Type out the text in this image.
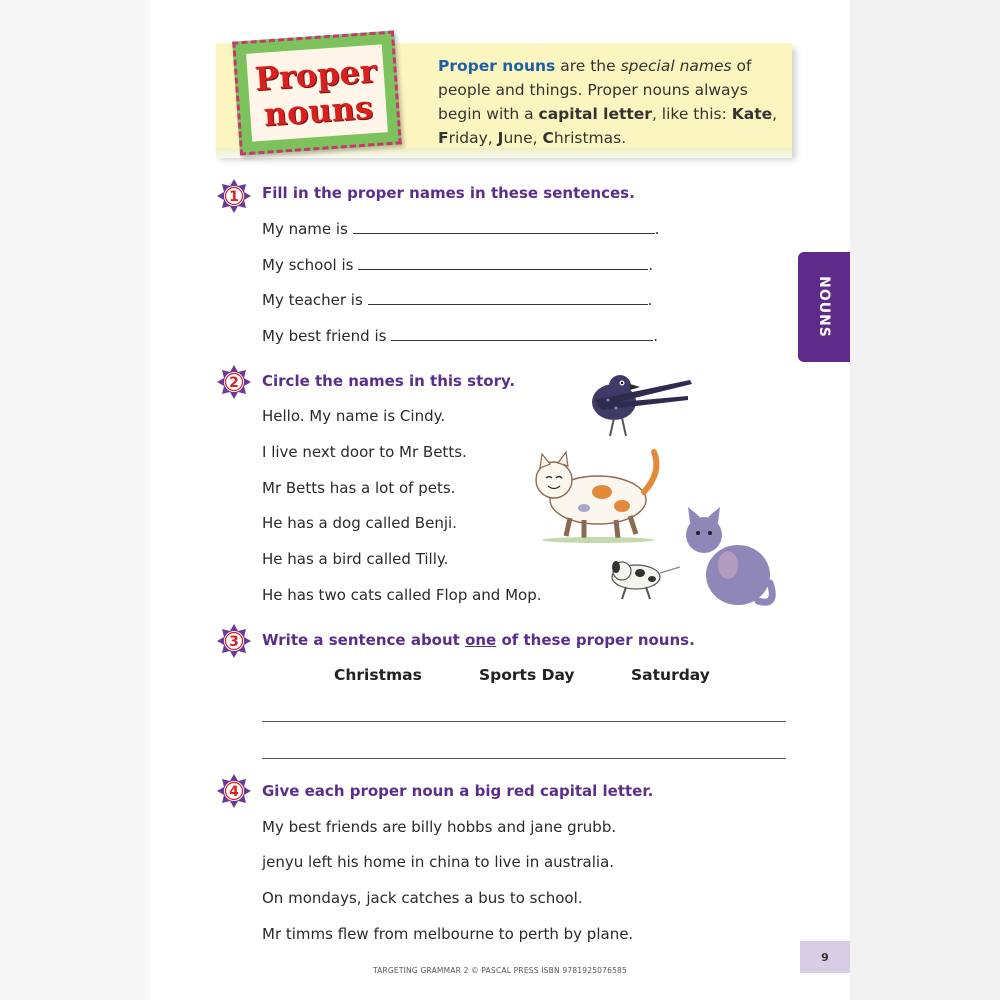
Proper
nouns
Proper nouns are the special names of people and things. Proper nouns always begin with a capital letter, like this: Kate, Friday, June, Christmas.
NOUNS
1
2
3
4
Fill in the proper names in these sentences.
My name is	.
My school is	.
My teacher is	.
My best friend is	.
Circle the names in this story.
Hello. My name is Cindy.
I live next door to Mr Betts.
Mr Betts has a lot of pets.
He has a dog called Benji.
He has a bird called Tilly.
He has two cats called Flop and Mop.
Write a sentence about one of these proper nouns.
Christmas	Sports Day	Saturday
Give each proper noun a big red capital letter.
My best friends are billy hobbs and jane grubb.
jenyu left his home in china to live in australia.
On mondays, jack catches a bus to school.
Mr timms flew from melbourne to perth by plane.
9
TARGETING GRAMMAR 2 © PASCAL PRESS ISBN 9781925076585
